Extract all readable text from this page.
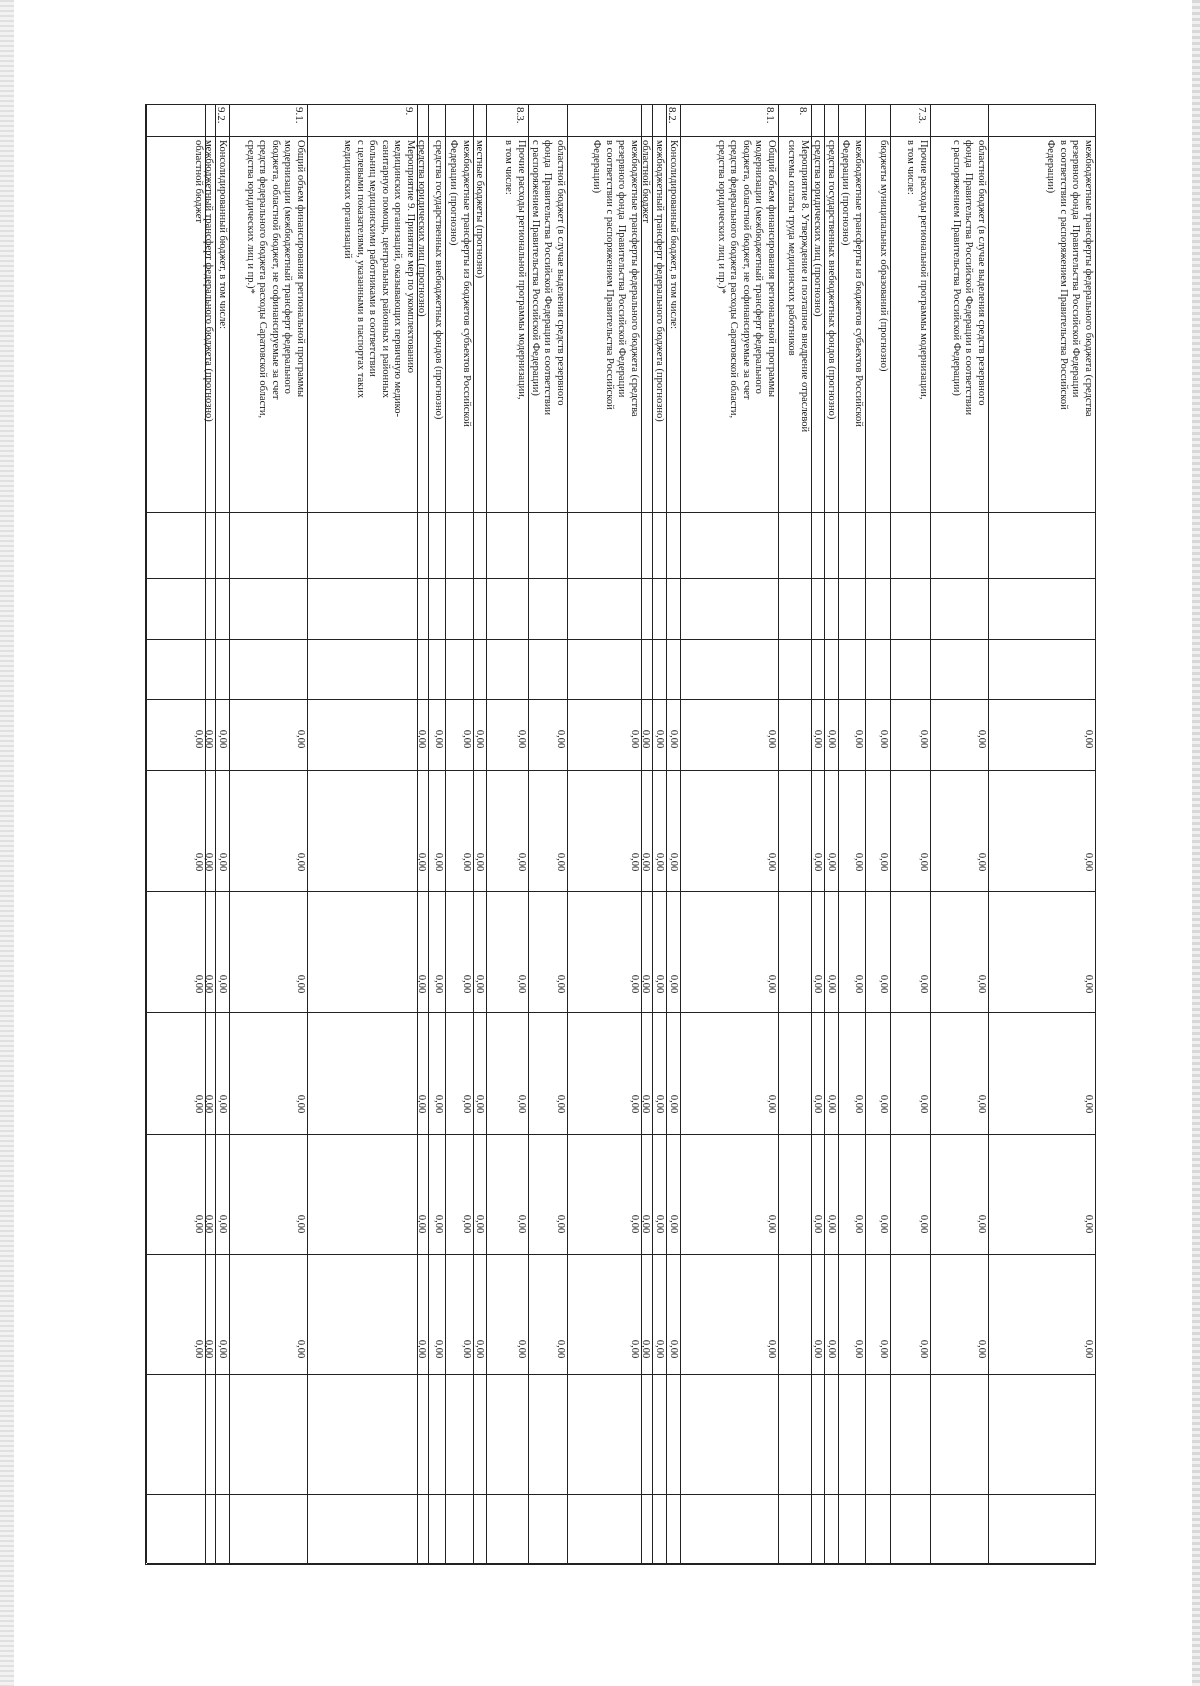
межбюджетные трансферты федерального бюджета (средства
резервного фонда  Правительства Российской Федерации
в соответствии с распоряжением Правительства Российской
Федерации)
0,00
0,00
0,00
0,00
0,00
0,00
областной бюджет (в случае выделения средств резервного
фонда  Правительства Российской Федерации в соответствии
с распоряжением Правительства Российской Федерации)
0,00
0,00
0,00
0,00
0,00
0,00
7.3.
Прочие расходы региональной программы модернизации,
в том числе:
0,00
0,00
0,00
0,00
0,00
0,00
бюджеты муниципальных образований (прогнозно)
0,00
0,00
0,00
0,00
0,00
0,00
межбюджетные трансферты из бюджетов субъектов Российской
Федерации (прогнозно)
0,00
0,00
0,00
0,00
0,00
0,00
средства государственных внебюджетных фондов (прогнозно)
0,00
0,00
0,00
0,00
0,00
0,00
средства юридических лиц (прогнозно)
0,00
0,00
0,00
0,00
0,00
0,00
8.
Мероприятие 8. Утверждение и поэтапное внедрение отраслевой
системы оплаты труда медицинских работников
8.1.
Общий объем финансирования региональной программы
модернизации (межбюджетный трансферт федерального
бюджета, областной бюджет, не софинансируемые за счет
средств федерального бюджета расходы Саратовской области,
средства юридических лиц и пр.)*
0,00
0,00
0,00
0,00
0,00
0,00
8.2.
Консолидированный бюджет, в том числе:
0,00
0,00
0,00
0,00
0,00
0,00
межбюджетный трансферт федерального бюджета (прогнозно)
0,00
0,00
0,00
0,00
0,00
0,00
областной бюджет
0,00
0,00
0,00
0,00
0,00
0,00
межбюджетные трансферты федерального бюджета (средства
резервного фонда  Правительства Российской Федерации
в соответствии с распоряжением Правительства Российской
Федерации)
0,00
0,00
0,00
0,00
0,00
0,00
областной бюджет (в случае выделения средств резервного
фонда  Правительства Российской Федерации в соответствии
с распоряжением Правительства Российской Федерации)
0,00
0,00
0,00
0,00
0,00
0,00
8.3.
Прочие расходы региональной программы модернизации,
в том числе:
0,00
0,00
0,00
0,00
0,00
0,00
местные бюджеты (прогнозно)
0,00
0,00
0,00
0,00
0,00
0,00
межбюджетные трансферты из бюджетов субъектов Российской
Федерации (прогнозно)
0,00
0,00
0,00
0,00
0,00
0,00
средства государственных внебюджетных фондов (прогнозно)
0,00
0,00
0,00
0,00
0,00
0,00
средства юридических лиц (прогнозно)
0,00
0,00
0,00
0,00
0,00
0,00
9.
Мероприятие 9. Принятие мер по укомплектованию
медицинских организаций, оказывающих первичную медико-
санитарную помощь, центральных районных и районных
больниц медицинскими работниками в соответствии
с целевыми показателями, указанными в паспортах таких
медицинских организаций
9.1.
Общий объем финансирования региональной программы
модернизации (межбюджетный трансферт федерального
бюджета, областной бюджет, не софинансируемые за счет
средств федерального бюджета расходы Саратовской области,
средства юридических лиц и пр.)*
0,00
0,00
0,00
0,00
0,00
0,00
9.2.
Консолидированный бюджет, в том числе:
0,00
0,00
0,00
0,00
0,00
0,00
межбюджетный трансферт федерального бюджета (прогнозно)
0,00
0,00
0,00
0,00
0,00
0,00
областной бюджет
0,00
0,00
0,00
0,00
0,00
0,00
